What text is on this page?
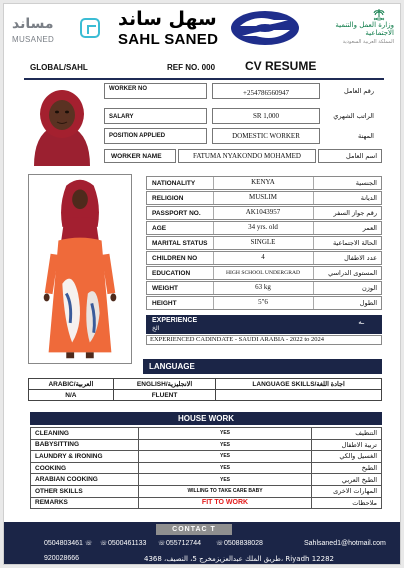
مساند
MUSANED
سهل ساند
SAHL SANED
وزارة العمل والتنمية الاجتماعية
المملكة العربية السعودية
GLOBAL/SAHL	REF NO. 000 CV RESUME
WORKER NO	+254786560947	رقم العامل
SALARY	SR 1,000	الراتب الشهري
POSITION APPLIED	DOMESTIC WORKER	المهنة
WORKER NAME	FATUMA NYAKONDO MOHAMED	اسم العامل
NATIONALITY	KENYA	الجنسية
RELIGION	MUSLIM	الديانة
PASSPORT NO.	AK1043957	رقم جواز السفر
AGE	34 yrs. old	العمر
MARITAL STATUS	SINGLE	الحالة الاجتماعية
CHILDREN NO	4	عدد الاطفال
EDUCATION	HIGH SCHOOL UNDERGRAD	المستوى الدراسي
WEIGHT	63 kg	الوزن
HEIGHT	5"6	الطول
EXPERIENCE
الخ
ـه
EXPERIENCED CADINDATE - SAUDI ARABIA - 2022 to 2024
LANGUAGE
ARABIC/العربية	ENGLISH/الانجليزية	LANGUAGE SKILLS/اجادة اللغة
N/A	FLUENT	
HOUSE WORK
CLEANING	YES	التنظيف
BABYSITTING	YES	تربية الاطفال
LAUNDRY & IRONING	YES	الغسيل والكي
COOKING	YES	الطبخ
ARABIAN COOKING	YES	الطبخ العربي
OTHER SKILLS	WILLING TO TAKE CARE BABY	المهارات الاخرى
REMARKS	FIT TO WORK	ملاحظات
CONTAC T
0504803461 ☏ ☏ 0500461133 ☏ 055712744 ☏ 0508838028	Sahlsaned1@hotmail.com
920028666	طريق الملك عبدالعزيزمخرج 5، النصيف، 4368، Riyadh 12282
